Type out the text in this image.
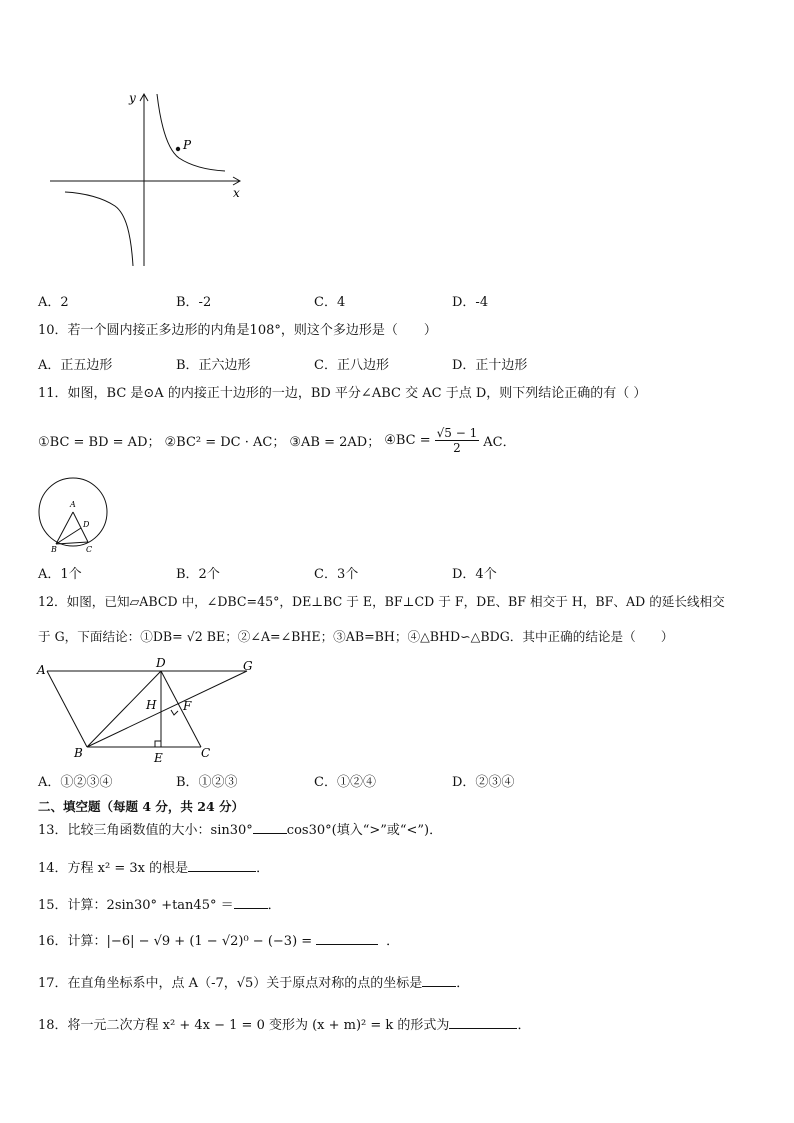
y
x
P
A．2	B．-2	C．4	D．-4
10．若一个圆内接正多边形的内角是108°，则这个多边形是（　　）
A．正五边形	B．正六边形	C．正八边形	D．正十边形
11．如图，BC 是⊙A 的内接正十边形的一边，BD 平分∠ABC 交 AC 于点 D，则下列结论正确的有（ ）
①BC = BD = AD； ②BC² = DC · AC； ③AB = 2AD； ④BC = $\frac{√5 - 1}{2}$ AC．
A
D
B	C
A．1个	B．2个	C．3个	D．4个
12．如图，已知▱ABCD 中，∠DBC=45°，DE⊥BC 于 E，BF⊥CD 于 F，DE、BF 相交于 H，BF、AD 的延长线相交
于 G，下面结论：①DB= √2 BE；②∠A=∠BHE；③AB=BH；④△BHD∽△BDG．其中正确的结论是（　　）
A	D	G
H F
B	E	C
A．①②③④	B．①②③	C．①②④	D．②③④
二、填空题（每题 4 分，共 24 分）
13．比较三角函数值的大小：sin30°	cos30°(填入“>”或“<”)．
14．方程 x² = 3x 的根是	．
15．计算：2sin30° +tan45° ＝	．
16．计算：|−6| − √9 + (1 − √2)⁰ − (−3) =	．
17．在直角坐标系中，点 A（-7，√5）关于原点对称的点的坐标是	．
18．将一元二次方程 x² + 4x − 1 = 0 变形为 (x + m)² = k 的形式为	．
